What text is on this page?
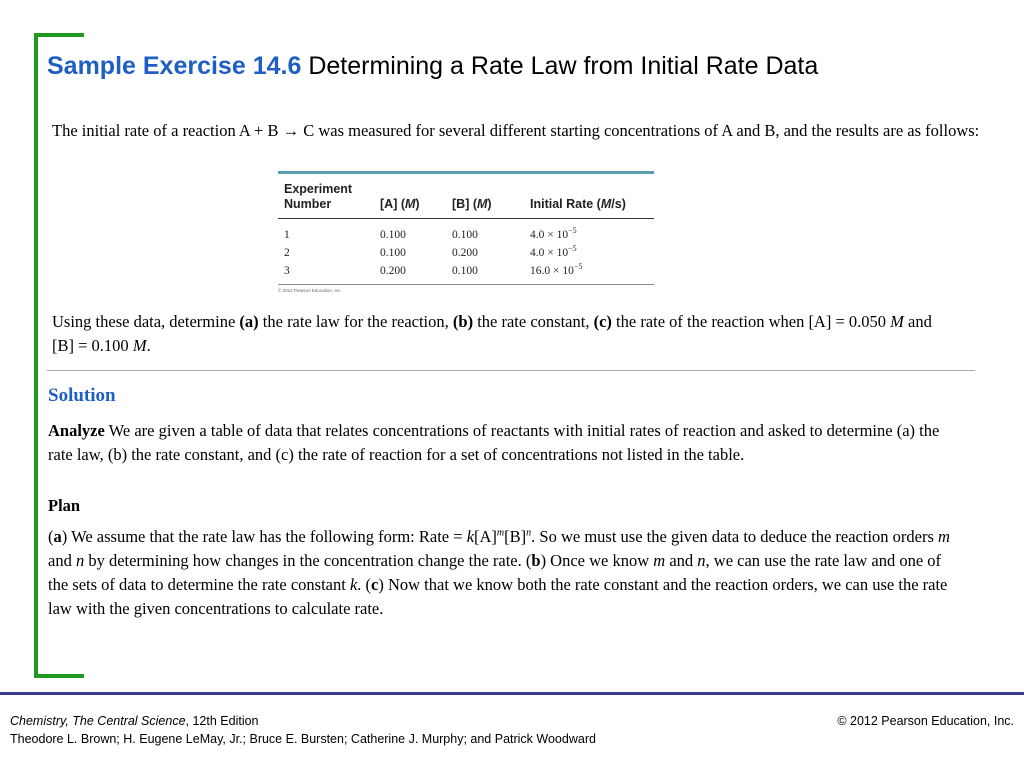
Sample Exercise 14.6 Determining a Rate Law from Initial Rate Data
The initial rate of a reaction A + B → C was measured for several different starting concentrations of A and B, and the results are as follows:
Experiment
Number	[A] (M)	[B] (M)	Initial Rate (M/s)
1	0.100	0.100	$4.0 \times 10^{-5}$
2	0.100	0.200	$4.0 \times 10^{-5}$
3	0.200	0.100	$16.0 \times 10^{-5}$
© 2012 Pearson Education, Inc.
Using these data, determine (a) the rate law for the reaction, (b) the rate constant, (c) the rate of the reaction when [A] = 0.050 M and [B] = 0.100 M.
Solution
Analyze We are given a table of data that relates concentrations of reactants with initial rates of reaction and asked to determine (a) the rate law, (b) the rate constant, and (c) the rate of reaction for a set of concentrations not listed in the table.
Plan
(a) We assume that the rate law has the following form: Rate = $k[A]^m[B]^n$. So we must use the given data to deduce the reaction orders m and n by determining how changes in the concentration change the rate. (b) Once we know m and n, we can use the rate law and one of the sets of data to determine the rate constant k. (c) Now that we know both the rate constant and the reaction orders, we can use the rate law with the given concentrations to calculate rate.
Chemistry, The Central Science, 12th Edition
Theodore L. Brown; H. Eugene LeMay, Jr.; Bruce E. Bursten; Catherine J. Murphy; and Patrick Woodward
© 2012 Pearson Education, Inc.
